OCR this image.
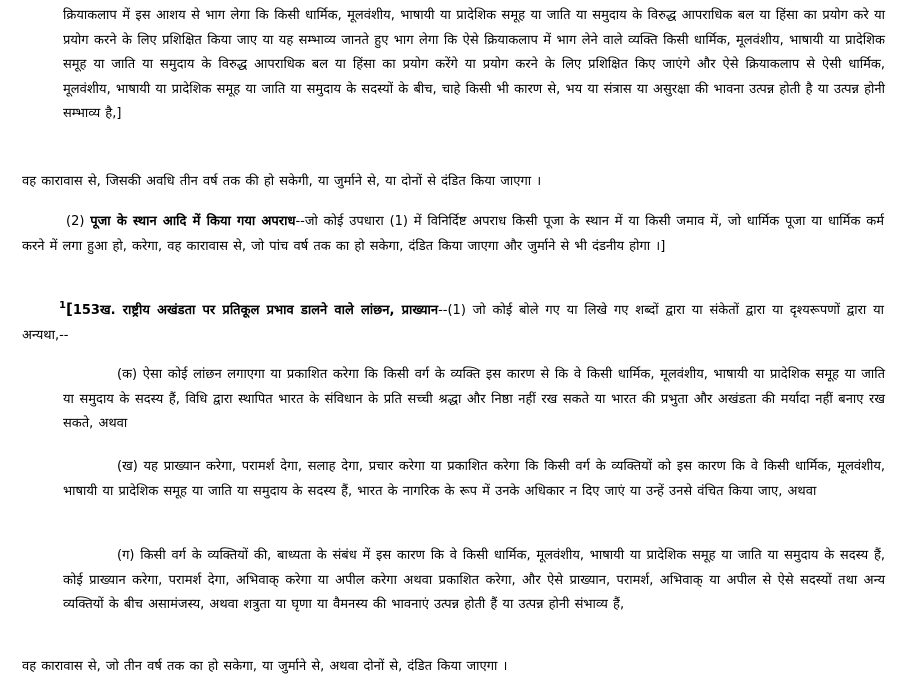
क्रियाकलाप में इस आशय से भाग लेगा कि किसी धार्मिक, मूलवंशीय, भाषायी या प्रादेशिक समूह या जाति या समुदाय के विरुद्ध आपराधिक बल या हिंसा का प्रयोग करे या प्रयोग करने के लिए प्रशिक्षित किया जाए या यह सम्भाव्य जानते हुए भाग लेगा कि ऐसे क्रियाकलाप में भाग लेने वाले व्यक्ति किसी धार्मिक, मूलवंशीय, भाषायी या प्रादेशिक समूह या जाति या समुदाय के विरुद्ध आपराधिक बल या हिंसा का प्रयोग करेंगे या प्रयोग करने के लिए प्रशिक्षित किए जाएंगे और ऐसे क्रियाकलाप से ऐसी धार्मिक, मूलवंशीय, भाषायी या प्रादेशिक समूह या जाति या समुदाय के सदस्यों के बीच, चाहे किसी भी कारण से, भय या संत्रास या असुरक्षा की भावना उत्पन्न होती है या उत्पन्न होनी सम्भाव्य है,]

वह कारावास से, जिसकी अवधि तीन वर्ष तक की हो सकेगी, या जुर्माने से, या दोनों से दंडित किया जाएगा ।

(2) पूजा के स्थान आदि में किया गया अपराध--जो कोई उपधारा (1) में विनिर्दिष्ट अपराध किसी पूजा के स्थान में या किसी जमाव में, जो धार्मिक पूजा या धार्मिक कर्म करने में लगा हुआ हो, करेगा, वह कारावास से, जो पांच वर्ष तक का हो सकेगा, दंडित किया जाएगा और जुर्माने से भी दंडनीय होगा ।]

$^1$[153ख. राष्ट्रीय अखंडता पर प्रतिकूल प्रभाव डालने वाले लांछन, प्राख्यान--(1) जो कोई बोले गए या लिखे गए शब्दों द्वारा या संकेतों द्वारा या दृश्यरूपणों द्वारा या अन्यथा,--

(क) ऐसा कोई लांछन लगाएगा या प्रकाशित करेगा कि किसी वर्ग के व्यक्ति इस कारण से कि वे किसी धार्मिक, मूलवंशीय, भाषायी या प्रादेशिक समूह या जाति या समुदाय के सदस्य हैं, विधि द्वारा स्थापित भारत के संविधान के प्रति सच्ची श्रद्धा और निष्ठा नहीं रख सकते या भारत की प्रभुता और अखंडता की मर्यादा नहीं बनाए रख सकते, अथवा

(ख) यह प्राख्यान करेगा, परामर्श देगा, सलाह देगा, प्रचार करेगा या प्रकाशित करेगा कि किसी वर्ग के व्यक्तियों को इस कारण कि वे किसी धार्मिक, मूलवंशीय, भाषायी या प्रादेशिक समूह या जाति या समुदाय के सदस्य हैं, भारत के नागरिक के रूप में उनके अधिकार न दिए जाएं या उन्हें उनसे वंचित किया जाए, अथवा

(ग) किसी वर्ग के व्यक्तियों की, बाध्यता के संबंध में इस कारण कि वे किसी धार्मिक, मूलवंशीय, भाषायी या प्रादेशिक समूह या जाति या समुदाय के सदस्य हैं, कोई प्राख्यान करेगा, परामर्श देगा, अभिवाक् करेगा या अपील करेगा अथवा प्रकाशित करेगा, और ऐसे प्राख्यान, परामर्श, अभिवाक् या अपील से ऐसे सदस्यों तथा अन्य व्यक्तियों के बीच असामंजस्य, अथवा शत्रुता या घृणा या वैमनस्य की भावनाएं उत्पन्न होती हैं या उत्पन्न होनी संभाव्य हैं,

वह कारावास से, जो तीन वर्ष तक का हो सकेगा, या जुर्माने से, अथवा दोनों से, दंडित किया जाएगा ।
